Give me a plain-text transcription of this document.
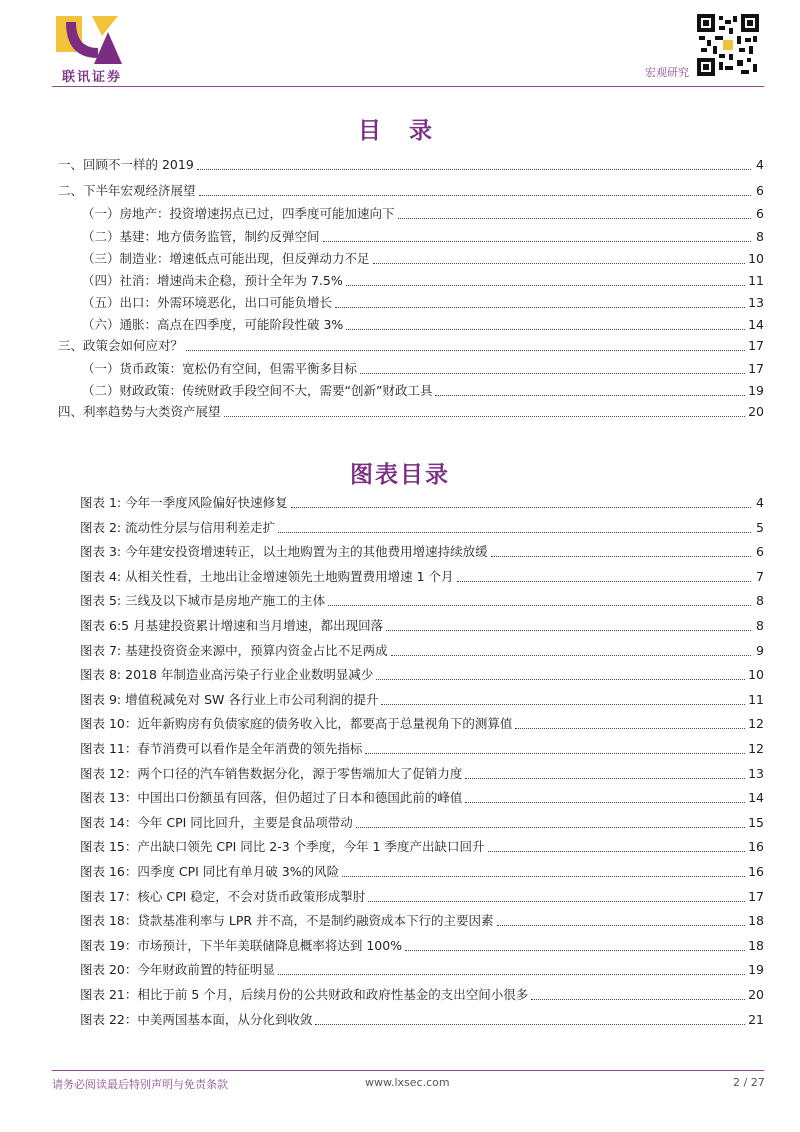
联讯证券	宏观研究
目 录
一、回顾不一样的 2019	4
二、下半年宏观经济展望	6
（一）房地产：投资增速拐点已过，四季度可能加速向下	6
（二）基建：地方债务监管，制约反弹空间	8
（三）制造业：增速低点可能出现，但反弹动力不足	10
（四）社消：增速尚未企稳，预计全年为 7.5%	11
（五）出口：外需环境恶化，出口可能负增长	13
（六）通胀：高点在四季度，可能阶段性破 3%	14
三、政策会如何应对？	17
（一）货币政策：宽松仍有空间，但需平衡多目标	17
（二）财政政策：传统财政手段空间不大，需要“创新”财政工具	19
四、利率趋势与大类资产展望	20
图表目录
图表 1: 今年一季度风险偏好快速修复	4
图表 2: 流动性分层与信用利差走扩	5
图表 3: 今年建安投资增速转正，以土地购置为主的其他费用增速持续放缓	6
图表 4: 从相关性看，土地出让金增速领先土地购置费用增速 1 个月	7
图表 5: 三线及以下城市是房地产施工的主体	8
图表 6:5 月基建投资累计增速和当月增速，都出现回落	8
图表 7: 基建投资资金来源中，预算内资金占比不足两成	9
图表 8: 2018 年制造业高污染子行业企业数明显减少	10
图表 9: 增值税减免对 SW 各行业上市公司利润的提升	11
图表 10：近年新购房有负债家庭的债务收入比，都要高于总量视角下的测算值	12
图表 11：春节消费可以看作是全年消费的领先指标	12
图表 12：两个口径的汽车销售数据分化，源于零售端加大了促销力度	13
图表 13：中国出口份额虽有回落，但仍超过了日本和德国此前的峰值	14
图表 14：今年 CPI 同比回升，主要是食品项带动	15
图表 15：产出缺口领先 CPI 同比 2-3 个季度，今年 1 季度产出缺口回升	16
图表 16：四季度 CPI 同比有单月破 3%的风险	16
图表 17：核心 CPI 稳定，不会对货币政策形成掣肘	17
图表 18：贷款基准利率与 LPR 并不高，不是制约融资成本下行的主要因素	18
图表 19：市场预计，下半年美联储降息概率将达到 100%	18
图表 20：今年财政前置的特征明显	19
图表 21：相比于前 5 个月，后续月份的公共财政和政府性基金的支出空间小很多	20
图表 22：中美两国基本面，从分化到收敛	21
请务必阅读最后特别声明与免责条款	www.lxsec.com	2 / 27
